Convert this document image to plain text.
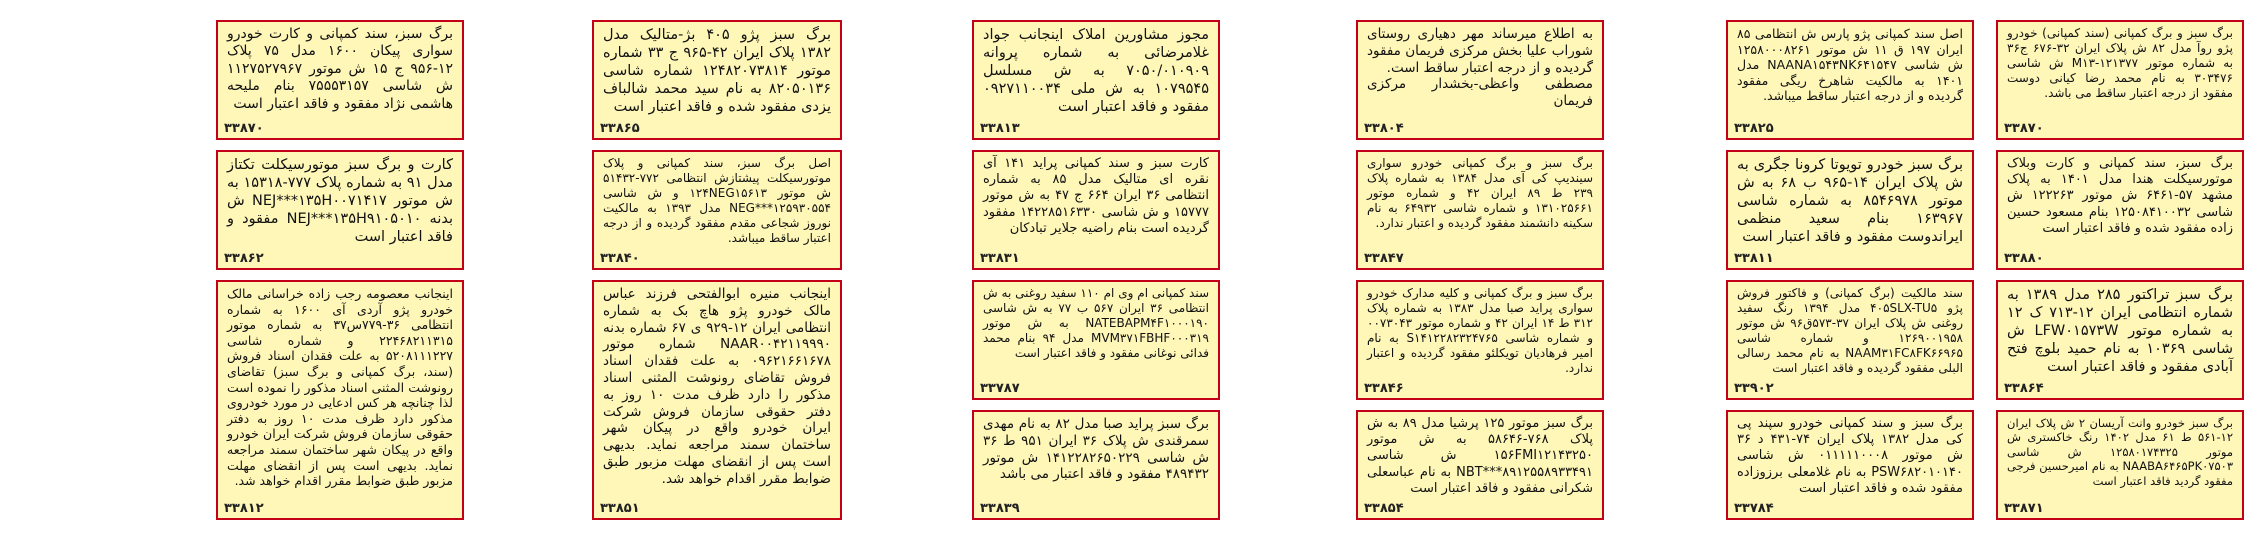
برگ سبز و برگ کمپانی (سند کمپانی) خودرو پژو روآ مدل ۸۲ ش پلاک ایران ۳۲-۶۷۶ ج۳۶ به شماره موتور ۱۲۱۳۷۷-M۱۳ ش شاسی ۳۰۳۴۷۶ به نام محمد رضا کیانی دوست مفقود از درجه اعتبار ساقط می باشد.
۳۳۸۷۰
اصل سند کمپانی پژو پارس ش انتظامی ۸۵ ایران ۱۹۷ ق ۱۱ ش موتور ۱۲۵۸۰۰۰۸۲۶۱ ش شاسی NAANA۱۵۴۳NK۶۴۱۵۴۷ مدل ۱۴۰۱ به مالکیت شاهرخ ریگی مفقود گردیده و از درجه اعتبار ساقط میباشد.
۳۳۸۲۵
به اطلاع میرساند مهر دهیاری روستای شوراب علیا بخش مرکزی فریمان مفقود گردیده و از درجه اعتبار ساقط است.
مصطفی واعظی-بخشدار مرکزی فریمان
۳۳۸۰۴
مجوز مشاورین املاک اینجانب جواد غلامرضائی به شماره پروانه ۷۰۵۰/۰۱۰۹۰۹ به ش مسلسل ۱۰۷۹۵۴۵ به ش ملی ۰۹۲۷۱۱۰۰۳۴ مفقود و فاقد اعتبار است
۳۳۸۱۳
برگ سبز پژو ۴۰۵ بژ-متالیک مدل ۱۳۸۲ پلاک ایران ۴۲-۹۶۵ ج ۳۳ شماره موتور ۱۲۴۸۲۰۷۳۸۱۴ شماره شاسی ۸۲۰۵۰۱۳۶ به نام سید محمد شالباف یزدی مفقود شده و فاقد اعتبار است
۳۳۸۶۵
برگ سبز، سند کمپانی و کارت خودرو سواری پیکان ۱۶۰۰ مدل ۷۵ پلاک ۱۲-۹۵۶ ج ۱۵ ش موتور ۱۱۲۷۵۲۷۹۶۷ ش شاسی ۷۵۵۵۳۱۵۷ بنام ملیحه هاشمی نژاد مفقود و فاقد اعتبار است
۳۳۸۷۰
برگ سبز، سند کمپانی و کارت وبلاک موتورسیکلت هندا مدل ۱۴۰۱ به پلاک مشهد ۵۷-۶۴۶۱ ش موتور ۱۲۲۲۶۳ ش شاسی ۱۲۵۰۸۴۱۰۰۳۲ بنام مسعود حسین زاده مفقود شده و فاقد اعتبار است
۳۳۸۸۰
برگ سبز خودرو تویوتا کرونا جگری به ش پلاک ایران ۱۴-۹۶۵ ب ۶۸ به ش موتور ۸۵۴۶۹۷۸ به شماره شاسی ۱۶۳۹۶۷ بنام سعید منظمی ایراندوست مفقود و فاقد اعتبار است
۳۳۸۱۱
برگ سبز و برگ کمپانی خودرو سواری سیندیپ کی آی مدل ۱۳۸۴ به شماره پلاک ۲۳۹ ط ۸۹ ایران ۴۲ و شماره موتور ۱۳۱۰۲۵۶۶۱ و شماره شاسی ۶۴۹۳۲ به نام سکینه دانشمند مفقود گردیده و اعتبار ندارد.
۳۳۸۴۷
کارت سبز و سند کمپانی پراید ۱۴۱ آی نقره ای متالیک مدل ۸۵ به شماره انتظامی ۳۶ ایران ۶۶۴ ج ۴۷ به ش موتور ۱۵۷۷۷ و ش شاسی ۱۴۲۲۸۵۱۶۳۳۰ مفقود گردیده است بنام راضیه جلایر تبادکان
۳۳۸۳۱
اصل برگ سبز، سند کمپانی و پلاک موتورسیکلت پیشتازش انتظامی ۷۷۲-۵۱۴۳۲ ش موتور ۱۲۴NEG۱۵۶۱۳ و ش شاسی NEG***۱۲۵۹۳۰۵۵۴ مدل ۱۳۹۳ به مالکیت نوروز شجاعی مقدم مفقود گردیده و از درجه اعتبار ساقط میباشد.
۳۳۸۴۰
کارت و برگ سبز موتورسیکلت تکتاز مدل ۹۱ به شماره پلاک ۷۷۷-۱۵۳۱۸ به ش موتور NEJ***۱۳۵H۰۰۷۱۴۱۷ ش بدنه NEJ***۱۳۵H۹۱۰۵۰۱۰ مفقود و فاقد اعتبار است
۳۳۸۶۲
برگ سبز تراکتور ۲۸۵ مدل ۱۳۸۹ به شماره انتظامی ایران ۱۲-۷۱۳ ک ۱۲ به شماره موتور LFW۰۱۵۷۳W ش شاسی ۱۰۳۶۹ به نام حمید بلوچ فتح آبادی مفقود و فاقد اعتبار است
۳۳۸۶۴
سند مالکیت (برگ کمپانی) و فاکتور فروش پژو ۴۰۵SLX-TU۵ مدل ۱۳۹۴ رنگ سفید روغنی ش پلاک ایران ۳۷-۵۷۳ق۹۶ ش موتور ۱۲۶۹۰۰۱۹۵۸ و شماره شاسی NAAM۳۱FC۸FK۶۶۹۶۵ به نام محمد رسالی البلی مفقود گردیده و فاقد اعتبار است
۳۳۹۰۲
برگ سبز و برگ کمپانی و کلیه مدارک خودرو سواری پراید صبا مدل ۱۳۸۳ به شماره پلاک ۳۱۲ ط ۱۴ ایران ۴۲ و شماره موتور ۰۰۷۳۰۴۳ و شماره شاسی S۱۴۱۲۲۸۲۳۲۴۷۶۵ به نام امیر فرهادیان تویکلئو مفقود گردیده و اعتبار ندارد.
۳۳۸۴۶
سند کمپانی ام وی ام ۱۱۰ سفید روغنی به ش انتظامی ۳۶ ایران ۵۶۷ ب ۷۷ به ش شاسی NATEBAPM۴F۱۰۰۰۱۹۰ به ش موتور MVM۳۷۱FBHF۰۰۰۳۱۹ مدل ۹۴ بنام محمد فدائی نوغانی مفقود و فاقد اعتبار است
۳۳۷۸۷
اینجانب منیره ابوالفتحی فرزند عباس مالک خودرو پژو هاچ بک به شماره انتظامی ایران ۱۲-۹۲۹ ی ۶۷ شماره بدنه NAAR۰۰۴۲۱۱۹۹۹۰ شماره موتور ۰۹۶۲۱۶۶۱۶۷۸ به علت فقدان اسناد فروش تقاضای رونوشت المثنی اسناد مذکور را دارد ظرف مدت ۱۰ روز به دفتر حقوقی سازمان فروش شرکت ایران خودرو واقع در پیکان شهر ساختمان سمند مراجعه نماید. بدیهی است پس از انقضای مهلت مزبور طبق ضوابط مقرر اقدام خواهد شد.
۳۳۸۵۱
اینجانب معصومه رجب زاده خراسانی مالک خودرو پژو آردی آی ۱۶۰۰ به شماره انتظامی ۳۶-۷۷۹س۳۷ به شماره موتور ۲۲۴۶۸۲۱۱۳۱۵ و شماره شاسی ۵۲۰۸۱۱۱۲۲۷ به علت فقدان اسناد فروش (سند، برگ کمپانی و برگ سبز) تقاضای رونوشت المثنی اسناد مذکور را نموده است لذا چنانچه هر کس ادعایی در مورد خودروی مذکور دارد ظرف مدت ۱۰ روز به دفتر حقوقی سازمان فروش شرکت ایران خودرو واقع در پیکان شهر ساختمان سمند مراجعه نماید. بدیهی است پس از انقضای مهلت مزبور طبق ضوابط مقرر اقدام خواهد شد.
۳۳۸۱۲
برگ سبز پراید صبا مدل ۸۲ به نام مهدی سمرقندی ش پلاک ۳۶ ایران ۹۵۱ ط ۳۶ ش شاسی ۱۴۱۲۲۸۲۶۵۰۲۲۹ ش موتور ۴۸۹۴۳۲ مفقود و فاقد اعتبار می باشد
۳۳۸۳۹
برگ سبز موتور ۱۲۵ پرشیا مدل ۸۹ به ش پلاک ۷۶۸-۵۸۶۴۶ به ش موتور ۱۵۶FMI۱۲۱۴۳۲۵۰ ش شاسی NBT***۸۹۱۲۵۵۸۹۳۳۴۹۱ به نام عباسعلی شکرانی مفقود و فاقد اعتبار است
۳۳۸۵۴
برگ سبز و سند کمپانی خودرو سپند پی کی مدل ۱۳۸۲ پلاک ایران ۷۴-۴۳۱ د ۳۶ ش موتور ۰۱۱۱۱۱۰۰۰۸ ش شاسی PSW۶۸۲۰۱۰۱۴۰ به نام غلامعلی برزوزاده مفقود شده و فاقد اعتبار است
۳۳۷۸۴
برگ سبز خودرو وانت آریسان ۲ ش پلاک ایران ۱۲-۵۶۱ ط ۶۱ مدل ۱۴۰۲ رنگ خاکستری ش موتور ۱۲۵۸۰۱۷۴۳۲۵ ش شاسی NAABA۶۴۶۵PK۰۷۵۰۳ به نام امیرحسین فرجی مفقود گردید فاقد اعتبار است
۳۳۸۷۱
